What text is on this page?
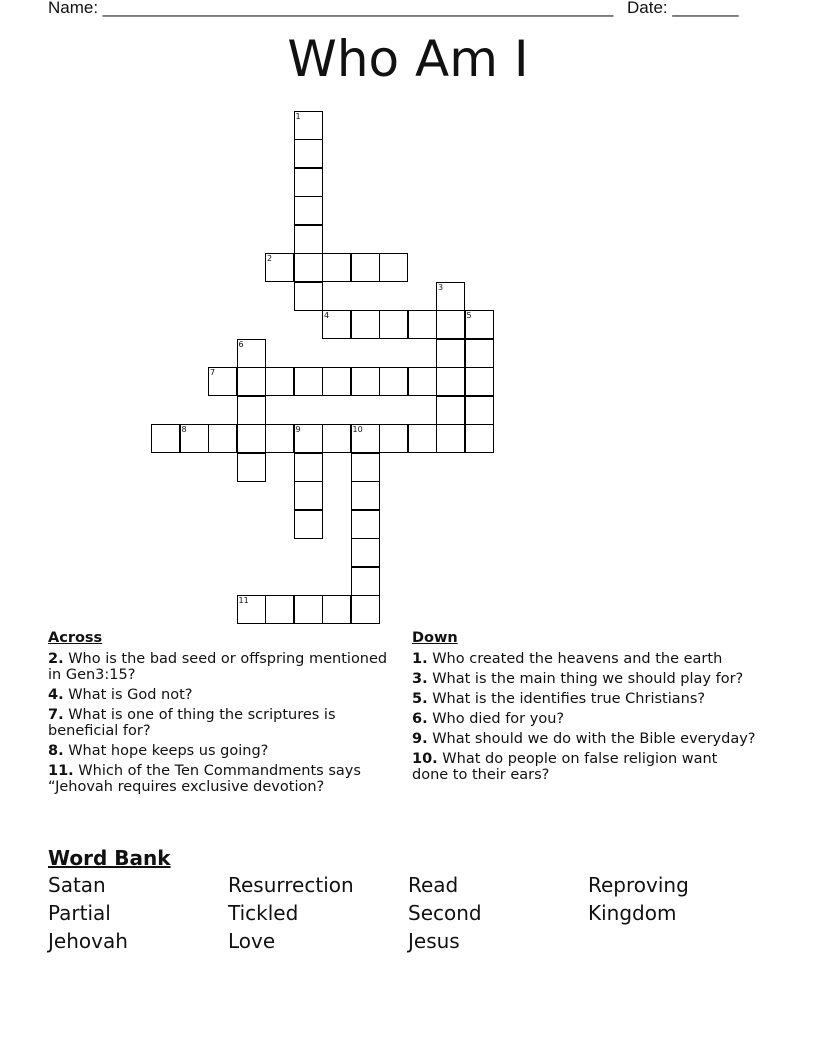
Name: ______________________________________________________ Date: _______
Who Am I
1
2
4
3
5
6
7
8	9	10
11
Across
2. Who is the bad seed or offspring mentioned in Gen3:15?
4. What is God not?
7. What is one of thing the scriptures is beneficial for?
8. What hope keeps us going?
11. Which of the Ten Commandments says “Jehovah requires exclusive devotion?
Down
1. Who created the heavens and the earth
3. What is the main thing we should play for?
5. What is the identifies true Christians?
6. Who died for you?
9. What should we do with the Bible everyday?
10. What do people on false religion want done to their ears?
Word Bank
Satan	Resurrection	Read	Reproving
Partial	Tickled	Second	Kingdom
Jehovah	Love	Jesus
